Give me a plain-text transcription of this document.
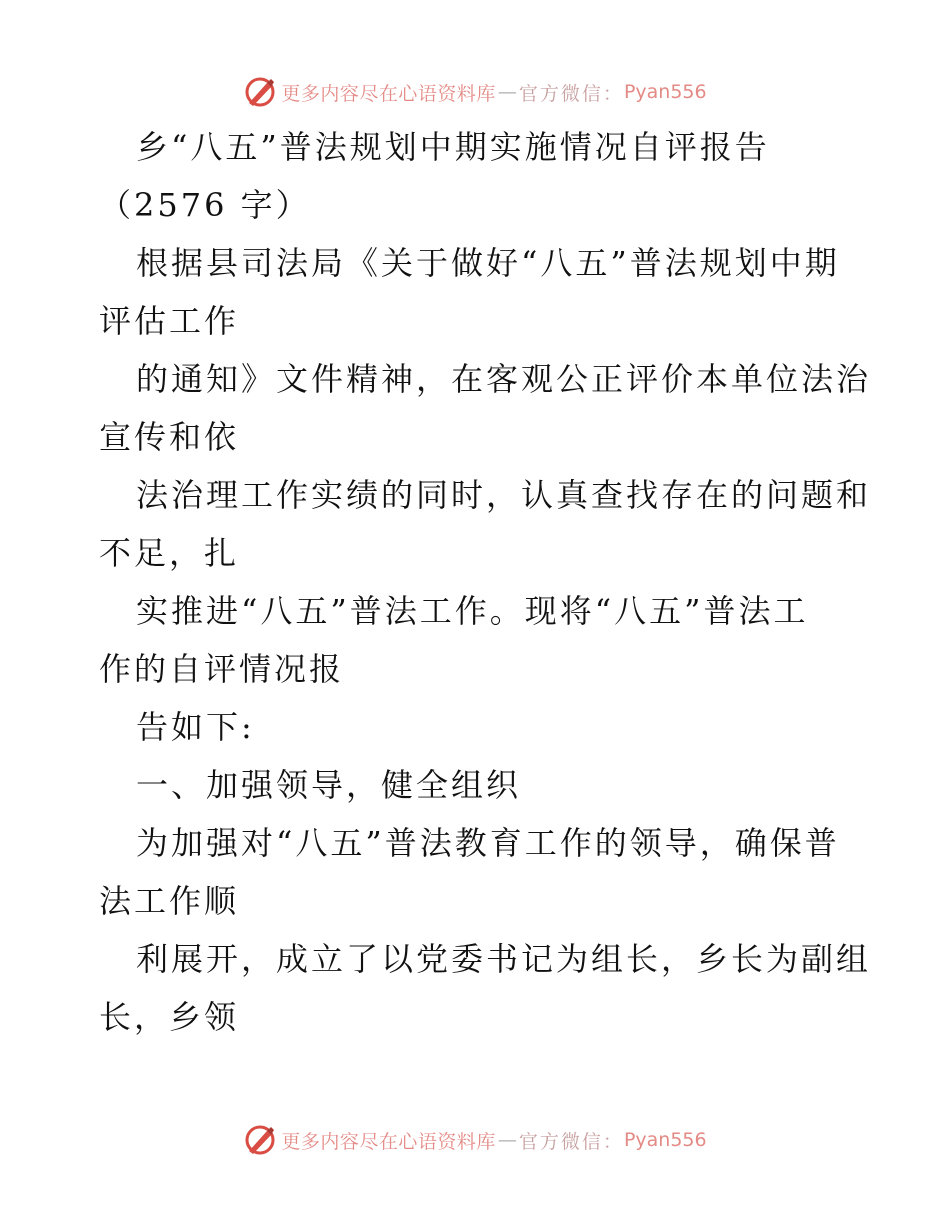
更多内容尽在心语资料库 — 官方微信： Pyan556

乡“八五”普法规划中期实施情况自评报告

（2576 字）

根据县司法局《关于做好“八五”普法规划中期

评估工作

的通知》文件精神，在客观公正评价本单位法治

宣传和依

法治理工作实绩的同时，认真查找存在的问题和

不足，扎

实推进“八五”普法工作。现将“八五”普法工

作的自评情况报

告如下:

一、加强领导，健全组织

为加强对“八五”普法教育工作的领导，确保普

法工作顺

利展开，成立了以党委书记为组长，乡长为副组

长，乡领

更多内容尽在心语资料库 — 官方微信： Pyan556
